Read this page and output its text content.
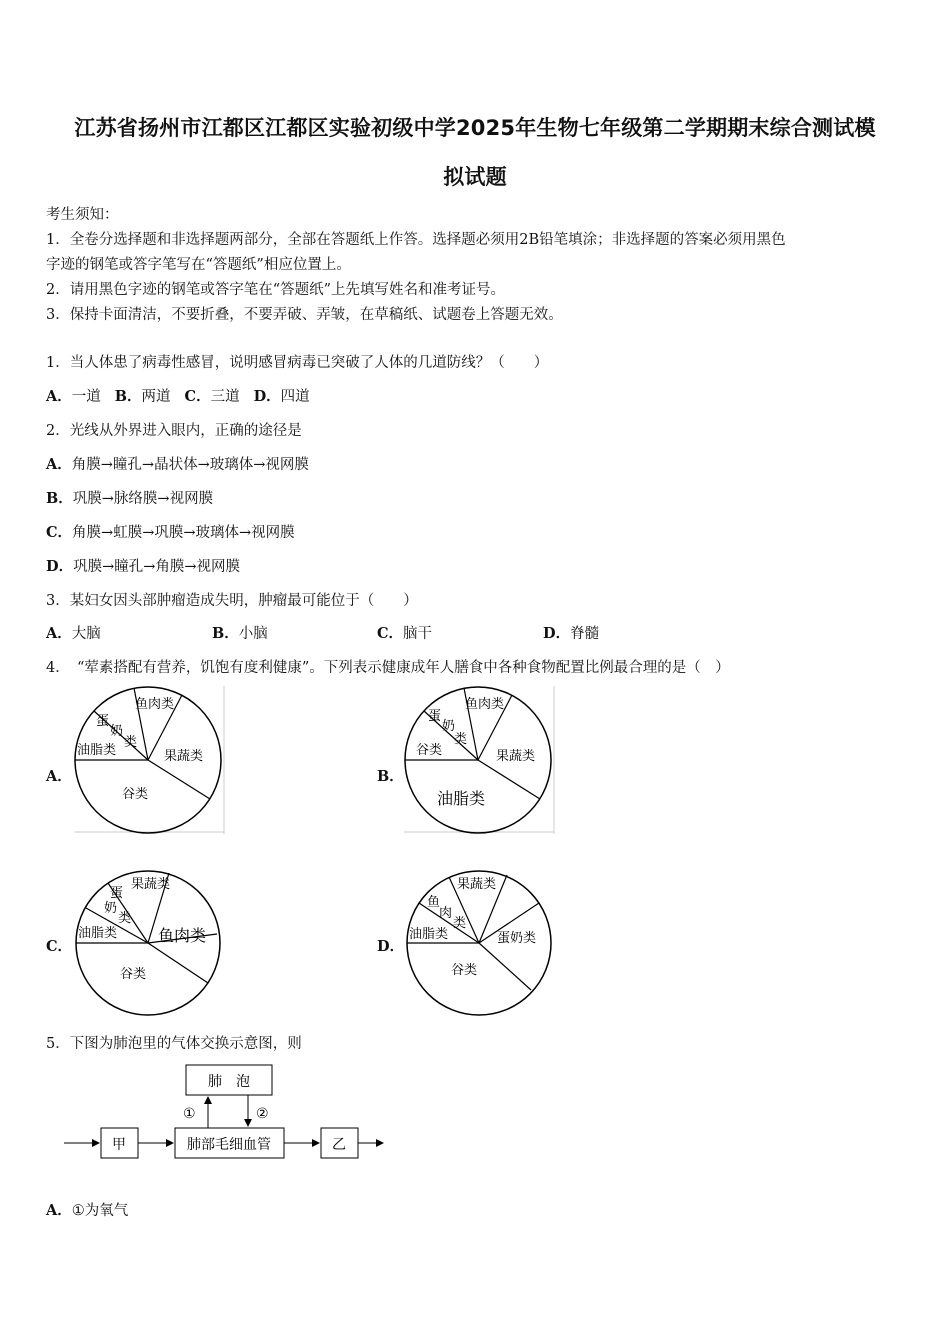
江苏省扬州市江都区江都区实验初级中学2025年生物七年级第二学期期末综合测试模
拟试题
考生须知：
1．全卷分选择题和非选择题两部分，全部在答题纸上作答。选择题必须用2B铅笔填涂；非选择题的答案必须用黑色
字迹的钢笔或答字笔写在“答题纸”相应位置上。
2．请用黑色字迹的钢笔或答字笔在“答题纸”上先填写姓名和准考证号。
3．保持卡面清洁，不要折叠，不要弄破、弄皱，在草稿纸、试题卷上答题无效。
1．当人体患了病毒性感冒，说明感冒病毒已突破了人体的几道防线？（　　）
A．一道 B．两道 C．三道 D．四道
2．光线从外界进入眼内，正确的途径是
A．角膜→瞳孔→晶状体→玻璃体→视网膜
B．巩膜→脉络膜→视网膜
C．角膜→虹膜→巩膜→玻璃体→视网膜
D．巩膜→瞳孔→角膜→视网膜
3．某妇女因头部肿瘤造成失明，肿瘤最可能位于（　　）
A．大脑	B．小脑	C．脑干	D．脊髓
4．　“荤素搭配有营养，饥饱有度利健康”。下列表示健康成年人膳食中各种食物配置比例最合理的是（　）
A．	B．
C．	D．
鱼肉类
蛋
奶
类
油脂类	果蔬类
谷类
鱼肉类
蛋
奶
类
谷类	果蔬类
油脂类
果蔬类
蛋
奶
类
油脂类	鱼肉类
谷类
果蔬类
鱼
肉
类
油脂类	蛋奶类
谷类
5．下图为肺泡里的气体交换示意图，则
肺　泡
肺部毛细血管
甲	乙
①	②
A．①为氧气
